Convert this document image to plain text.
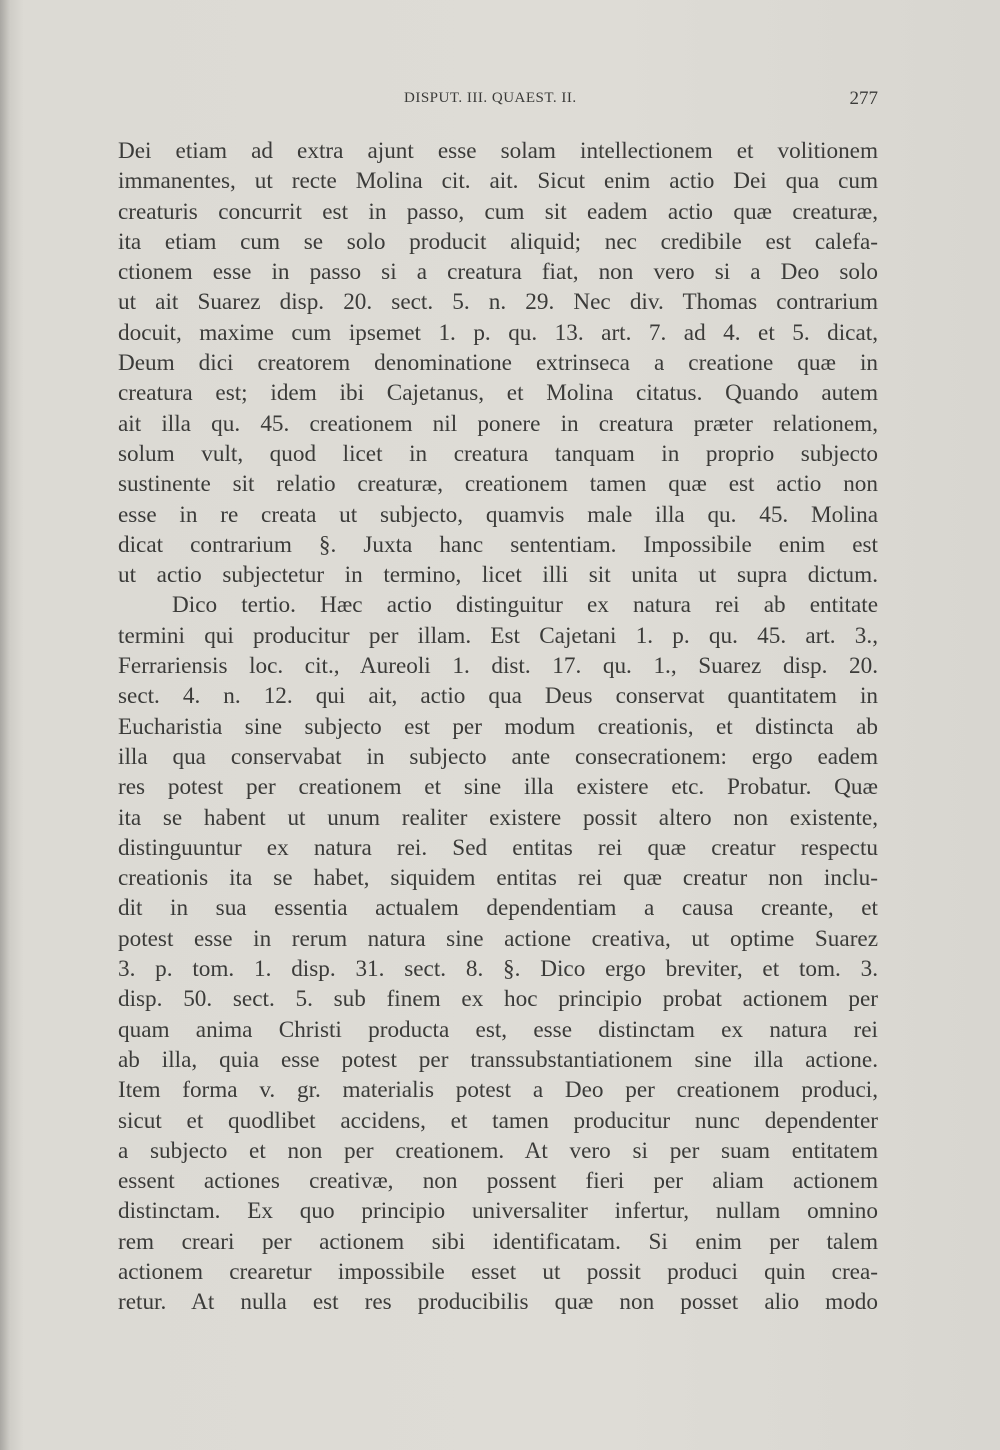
DISPUT. III. QUAEST. II.	277
Dei etiam ad extra ajunt esse solam intellectionem et volitionem
immanentes, ut recte Molina cit. ait. Sicut enim actio Dei qua cum
creaturis concurrit est in passo, cum sit eadem actio quæ creaturæ,
ita etiam cum se solo producit aliquid; nec credibile est calefa-
ctionem esse in passo si a creatura fiat, non vero si a Deo solo
ut ait Suarez disp. 20. sect. 5. n. 29. Nec div. Thomas contrarium
docuit, maxime cum ipsemet 1. p. qu. 13. art. 7. ad 4. et 5. dicat,
Deum dici creatorem denominatione extrinseca a creatione quæ in
creatura est; idem ibi Cajetanus, et Molina citatus. Quando autem
ait illa qu. 45. creationem nil ponere in creatura præter relationem,
solum vult, quod licet in creatura tanquam in proprio subjecto
sustinente sit relatio creaturæ, creationem tamen quæ est actio non
esse in re creata ut subjecto, quamvis male illa qu. 45. Molina
dicat contrarium §. Juxta hanc sententiam. Impossibile enim est
ut actio subjectetur in termino, licet illi sit unita ut supra dictum.
Dico tertio. Hæc actio distinguitur ex natura rei ab entitate
termini qui producitur per illam. Est Cajetani 1. p. qu. 45. art. 3.,
Ferrariensis loc. cit., Aureoli 1. dist. 17. qu. 1., Suarez disp. 20.
sect. 4. n. 12. qui ait, actio qua Deus conservat quantitatem in
Eucharistia sine subjecto est per modum creationis, et distincta ab
illa qua conservabat in subjecto ante consecrationem: ergo eadem
res potest per creationem et sine illa existere etc. Probatur. Quæ
ita se habent ut unum realiter existere possit altero non existente,
distinguuntur ex natura rei. Sed entitas rei quæ creatur respectu
creationis ita se habet, siquidem entitas rei quæ creatur non inclu-
dit in sua essentia actualem dependentiam a causa creante, et
potest esse in rerum natura sine actione creativa, ut optime Suarez
3. p. tom. 1. disp. 31. sect. 8. §. Dico ergo breviter, et tom. 3.
disp. 50. sect. 5. sub finem ex hoc principio probat actionem per
quam anima Christi producta est, esse distinctam ex natura rei
ab illa, quia esse potest per transsubstantiationem sine illa actione.
Item forma v. gr. materialis potest a Deo per creationem produci,
sicut et quodlibet accidens, et tamen producitur nunc dependenter
a subjecto et non per creationem. At vero si per suam entitatem
essent actiones creativæ, non possent fieri per aliam actionem
distinctam. Ex quo principio universaliter infertur, nullam omnino
rem creari per actionem sibi identificatam. Si enim per talem
actionem crearetur impossibile esset ut possit produci quin crea-
retur. At nulla est res producibilis quæ non posset alio modo
